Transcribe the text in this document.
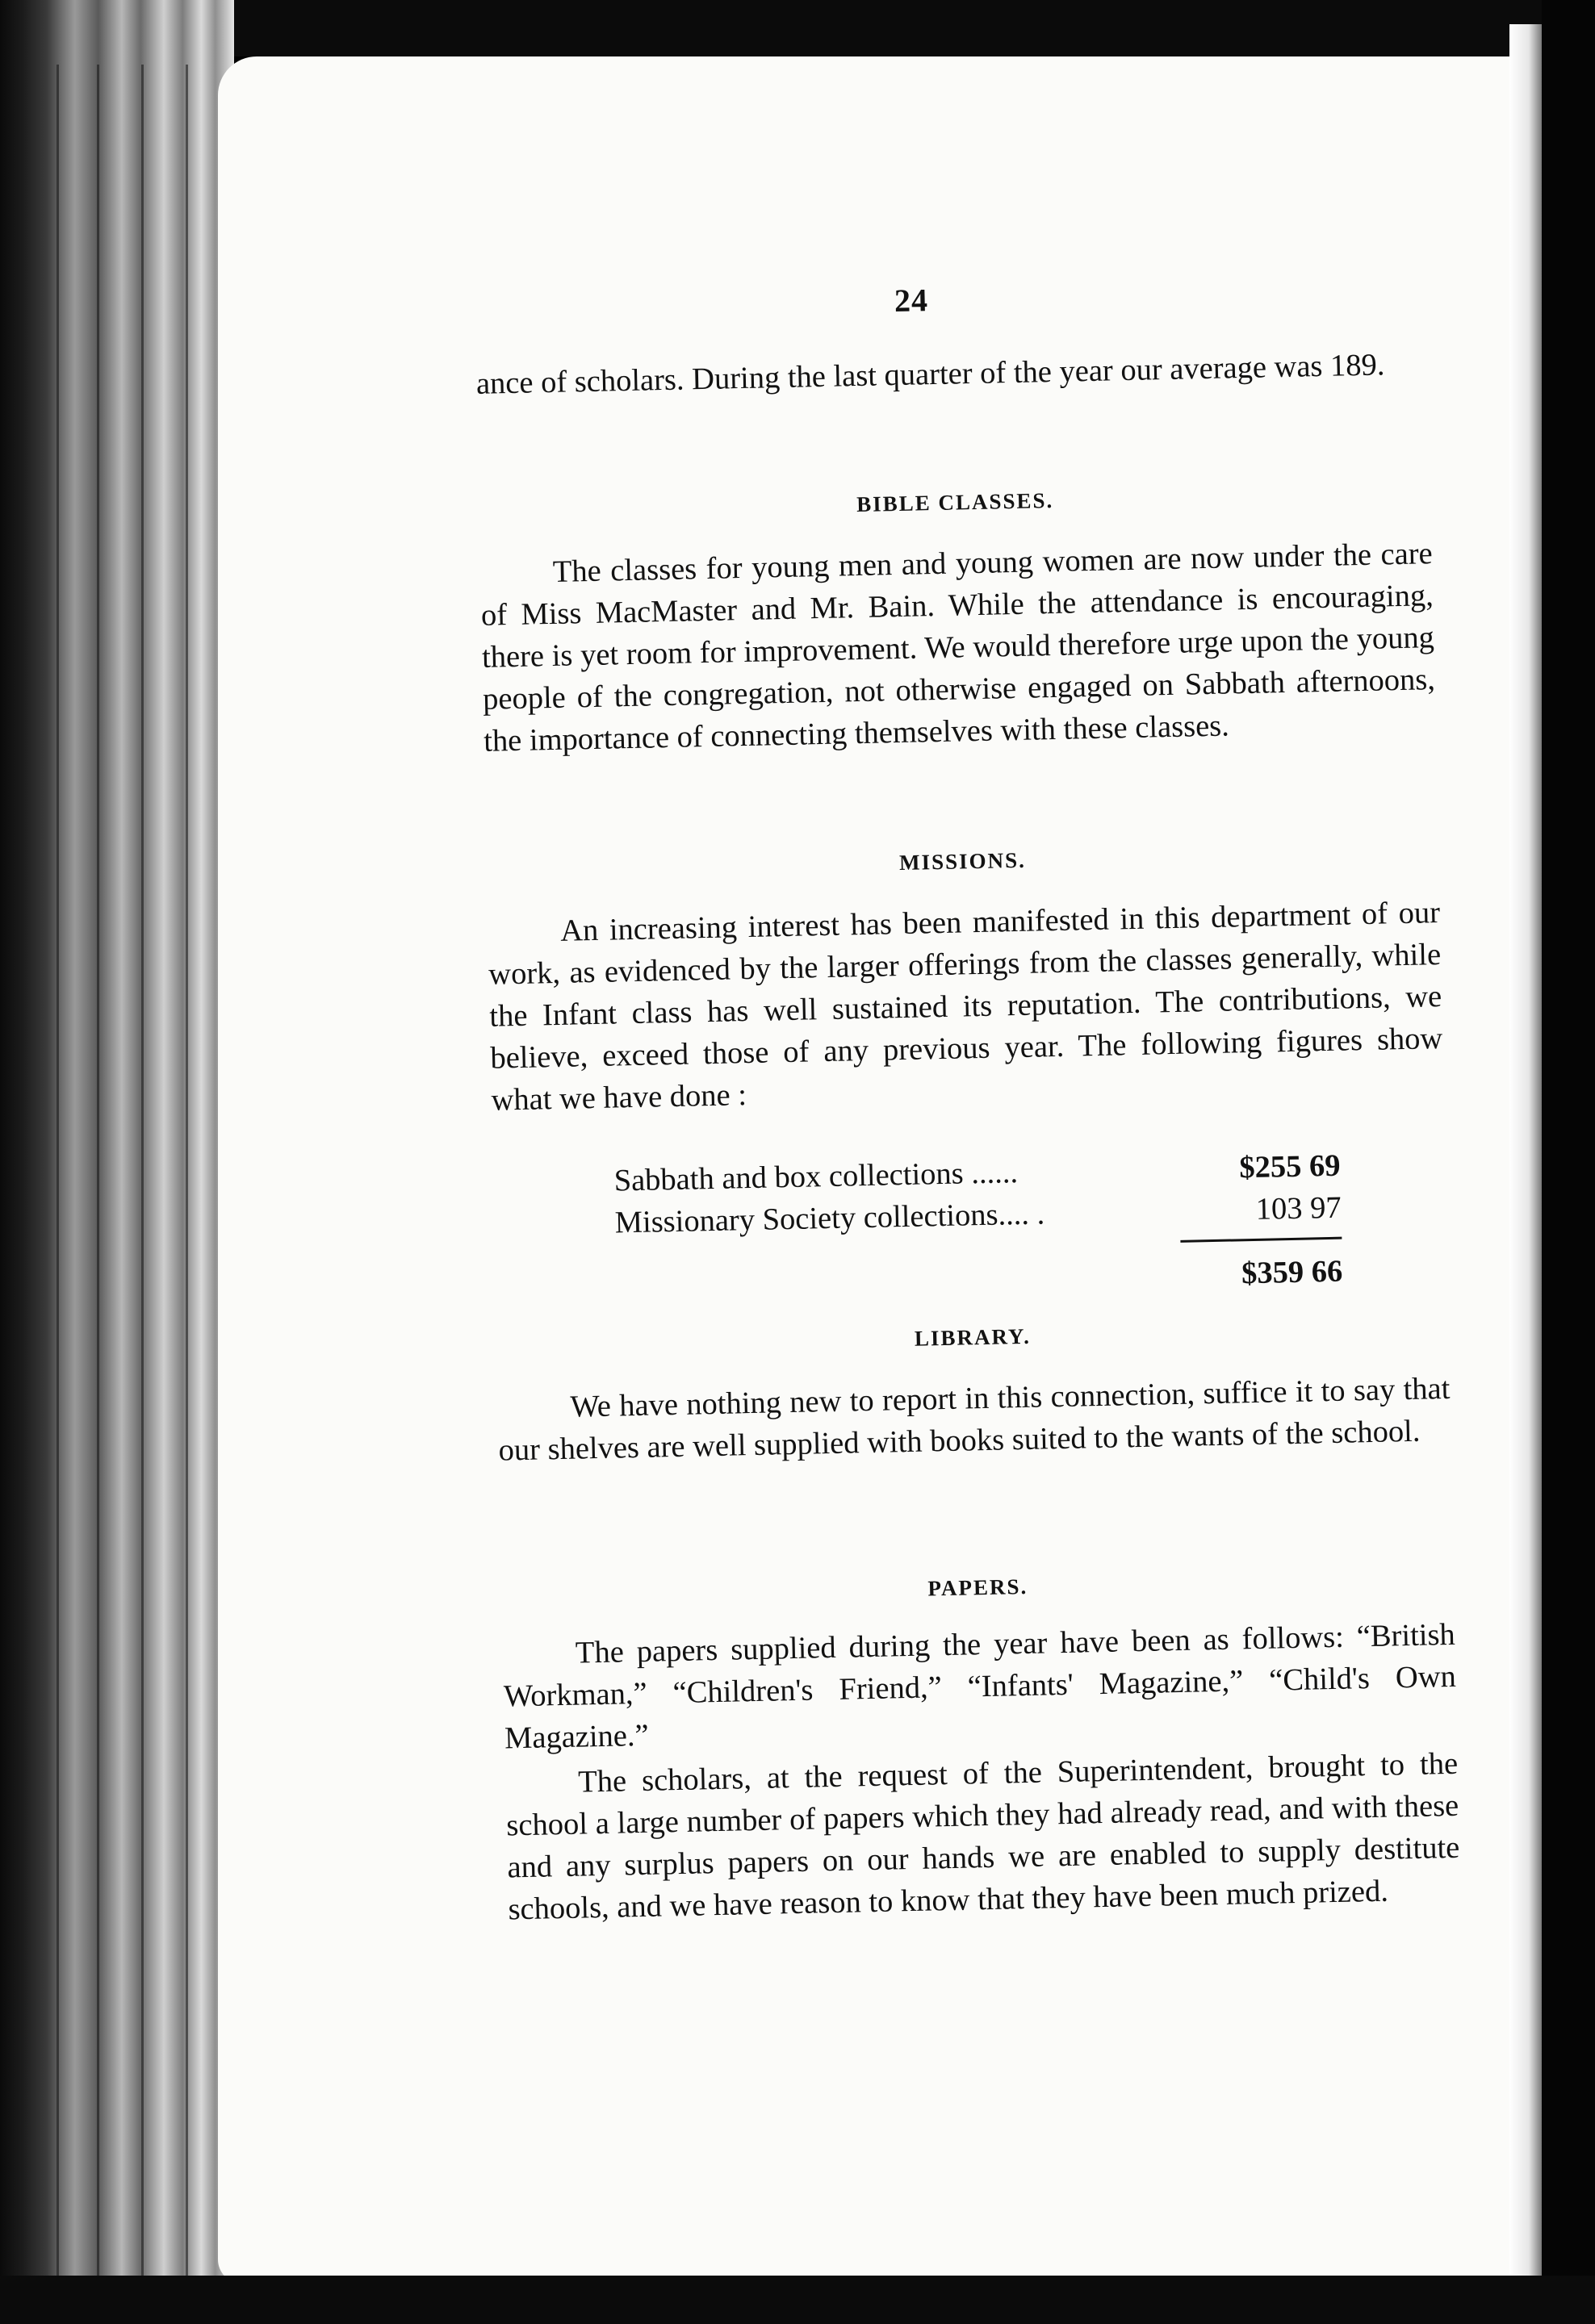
24
ance of scholars. During the last quarter of the year our average was 189.
BIBLE CLASSES.
The classes for young men and young women are now under the care of Miss MacMaster and Mr. Bain. While the attendance is encouraging, there is yet room for improvement. We would therefore urge upon the young people of the congregation, not otherwise engaged on Sabbath afternoons, the importance of connecting themselves with these classes.
MISSIONS.
An increasing interest has been manifested in this department of our work, as evidenced by the larger offerings from the classes generally, while the Infant class has well sustained its reputation. The contributions, we believe, exceed those of any previous year. The following figures show what we have done :
Sabbath and box collections ......	$255 69
Missionary Society collections.... .	103 97
$359 66
LIBRARY.
We have nothing new to report in this connection, suffice it to say that our shelves are well supplied with books suited to the wants of the school.
PAPERS.
The papers supplied during the year have been as follows: “British Workman,” “Children's Friend,” “Infants' Magazine,” “Child's Own Magazine.”
The scholars, at the request of the Superintendent, brought to the school a large number of papers which they had already read, and with these and any surplus papers on our hands we are enabled to supply destitute schools, and we have reason to know that they have been much prized.
